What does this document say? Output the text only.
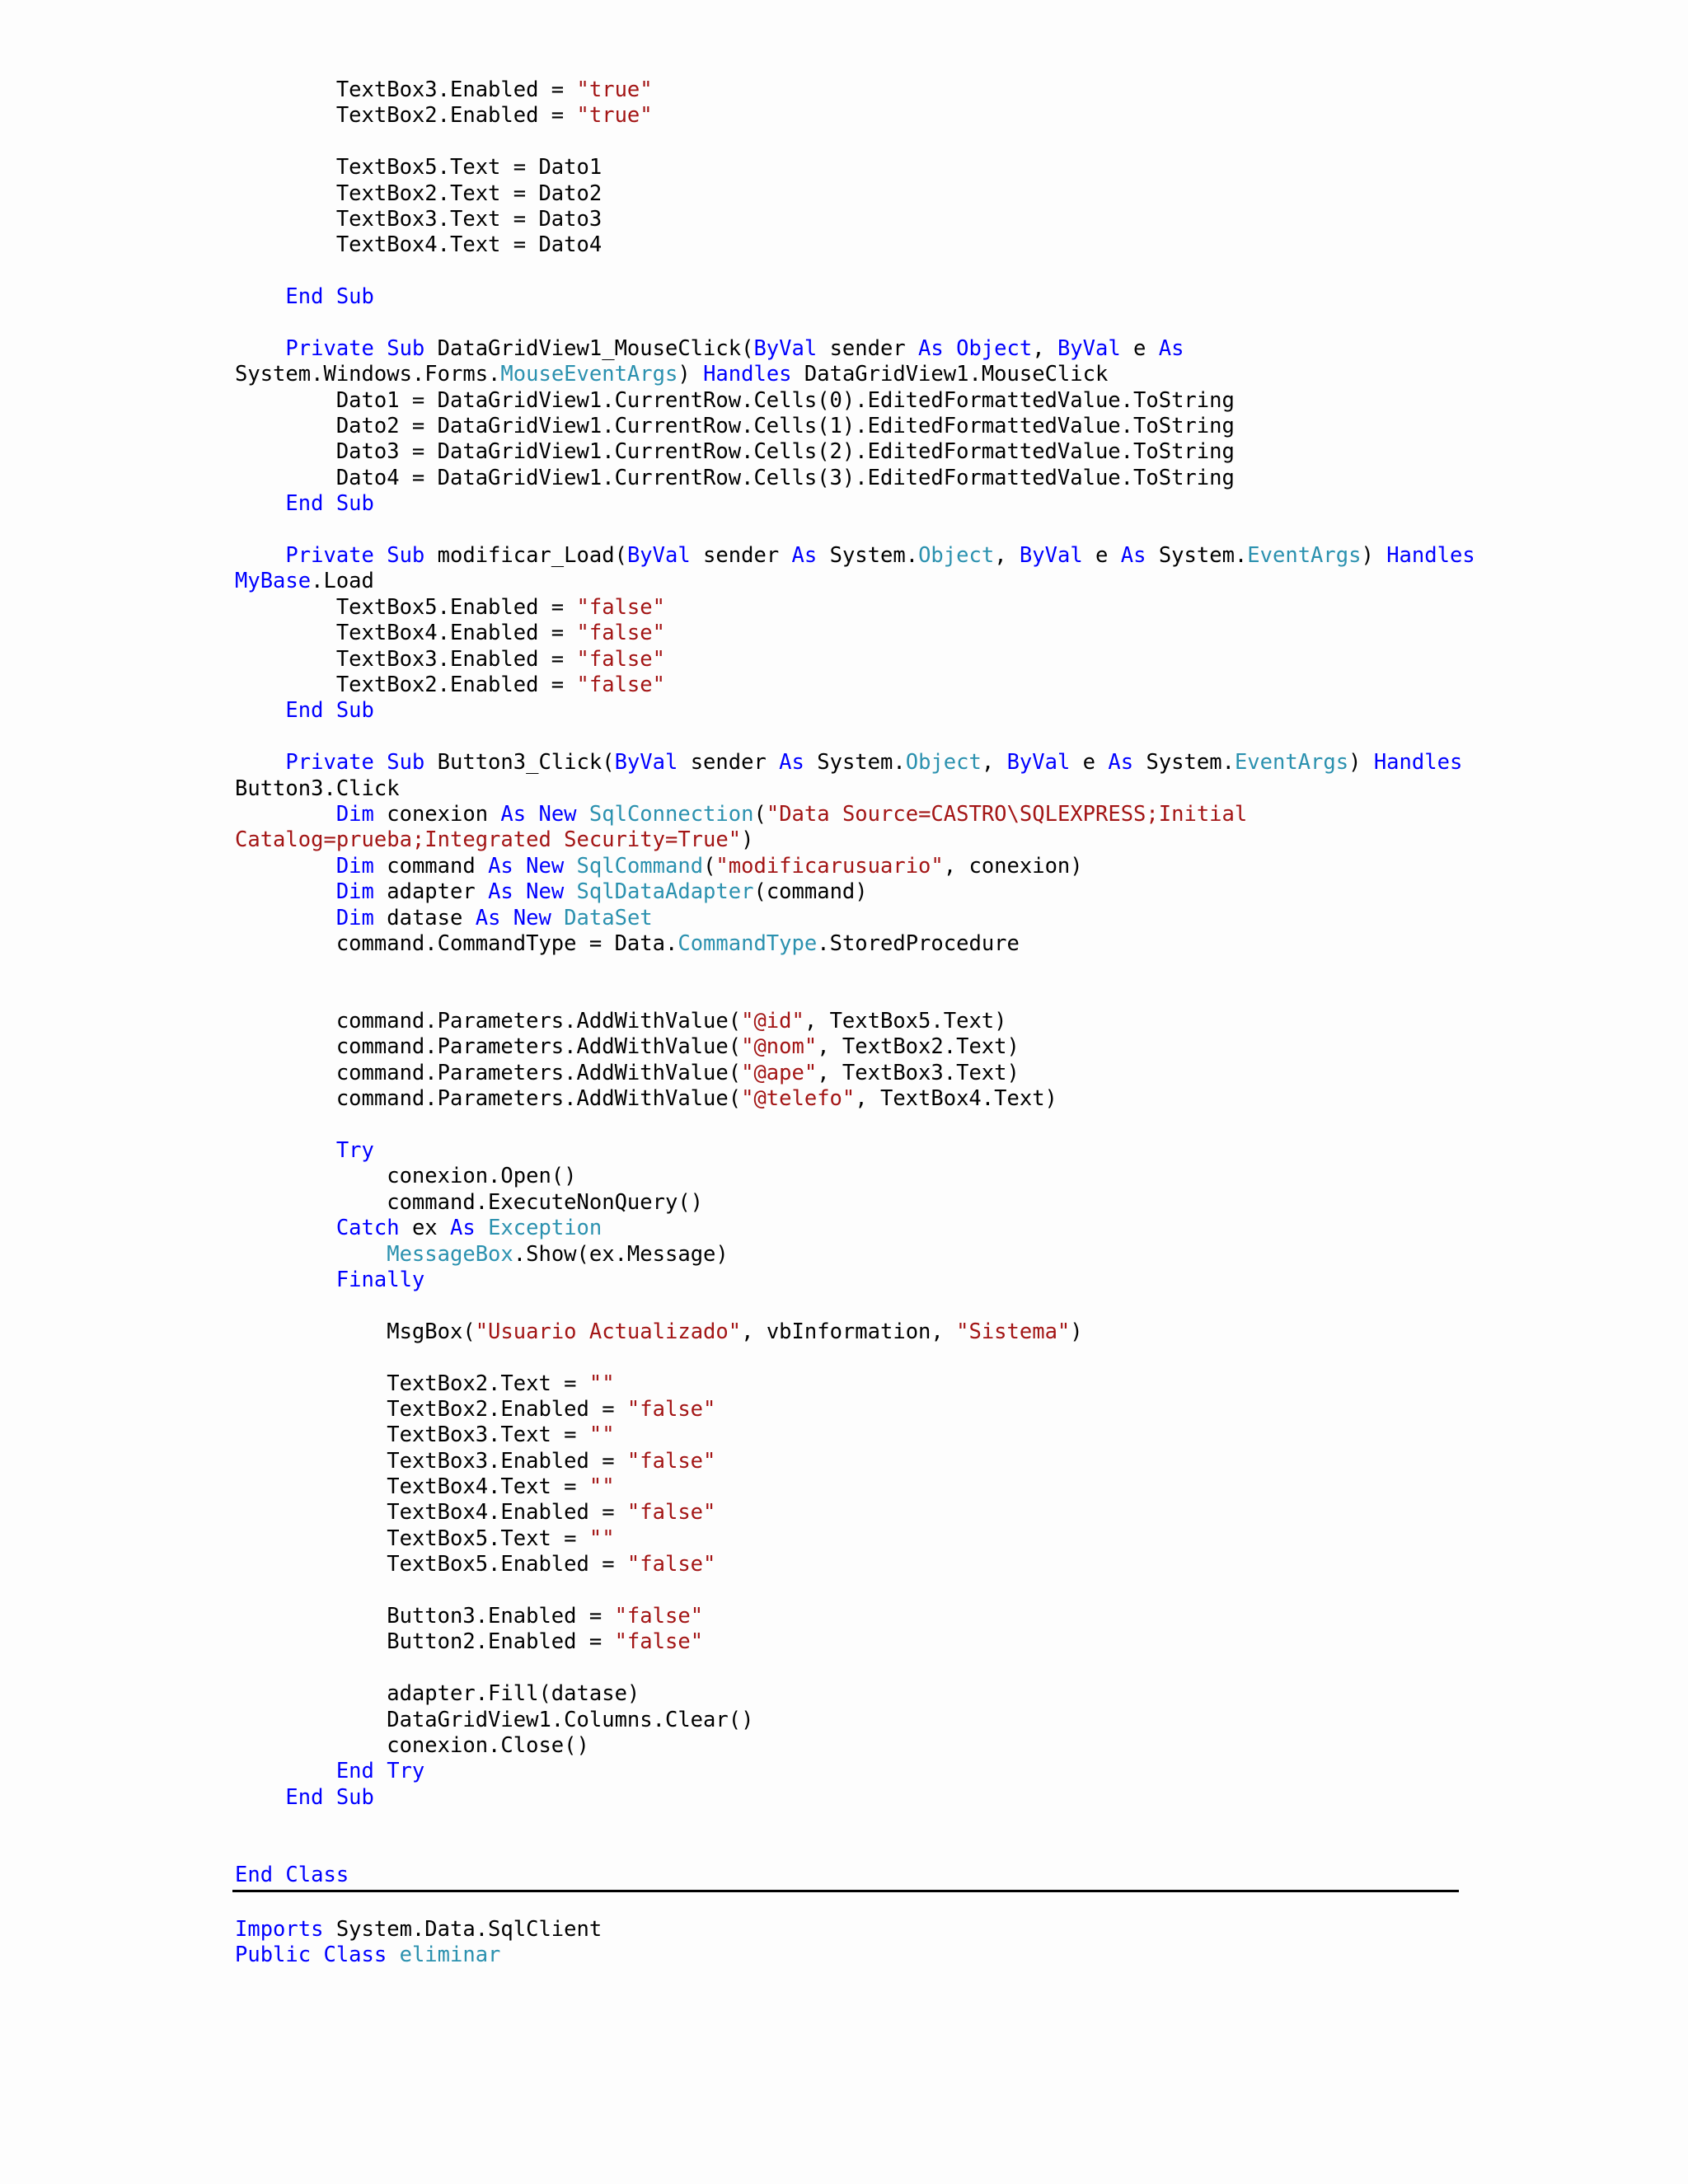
TextBox3.Enabled = "true"
TextBox2.Enabled = "true"

TextBox5.Text = Dato1
TextBox2.Text = Dato2
TextBox3.Text = Dato3
TextBox4.Text = Dato4

End Sub

Private Sub DataGridView1_MouseClick(ByVal sender As Object, ByVal e As
System.Windows.Forms.MouseEventArgs) Handles DataGridView1.MouseClick
Dato1 = DataGridView1.CurrentRow.Cells(0).EditedFormattedValue.ToString
Dato2 = DataGridView1.CurrentRow.Cells(1).EditedFormattedValue.ToString
Dato3 = DataGridView1.CurrentRow.Cells(2).EditedFormattedValue.ToString
Dato4 = DataGridView1.CurrentRow.Cells(3).EditedFormattedValue.ToString
End Sub

Private Sub modificar_Load(ByVal sender As System.Object, ByVal e As System.EventArgs) Handles
MyBase.Load
TextBox5.Enabled = "false"
TextBox4.Enabled = "false"
TextBox3.Enabled = "false"
TextBox2.Enabled = "false"
End Sub

Private Sub Button3_Click(ByVal sender As System.Object, ByVal e As System.EventArgs) Handles
Button3.Click
Dim conexion As New SqlConnection("Data Source=CASTRO\SQLEXPRESS;Initial
Catalog=prueba;Integrated Security=True")
Dim command As New SqlCommand("modificarusuario", conexion)
Dim adapter As New SqlDataAdapter(command)
Dim datase As New DataSet
command.CommandType = Data.CommandType.StoredProcedure

command.Parameters.AddWithValue("@id", TextBox5.Text)
command.Parameters.AddWithValue("@nom", TextBox2.Text)
command.Parameters.AddWithValue("@ape", TextBox3.Text)
command.Parameters.AddWithValue("@telefo", TextBox4.Text)

Try
conexion.Open()
command.ExecuteNonQuery()
Catch ex As Exception
MessageBox.Show(ex.Message)
Finally

MsgBox("Usuario Actualizado", vbInformation, "Sistema")

TextBox2.Text = ""
TextBox2.Enabled = "false"
TextBox3.Text = ""
TextBox3.Enabled = "false"
TextBox4.Text = ""
TextBox4.Enabled = "false"
TextBox5.Text = ""
TextBox5.Enabled = "false"

Button3.Enabled = "false"
Button2.Enabled = "false"

adapter.Fill(datase)
DataGridView1.Columns.Clear()
conexion.Close()
End Try
End Sub

End Class
Imports System.Data.SqlClient
Public Class eliminar
